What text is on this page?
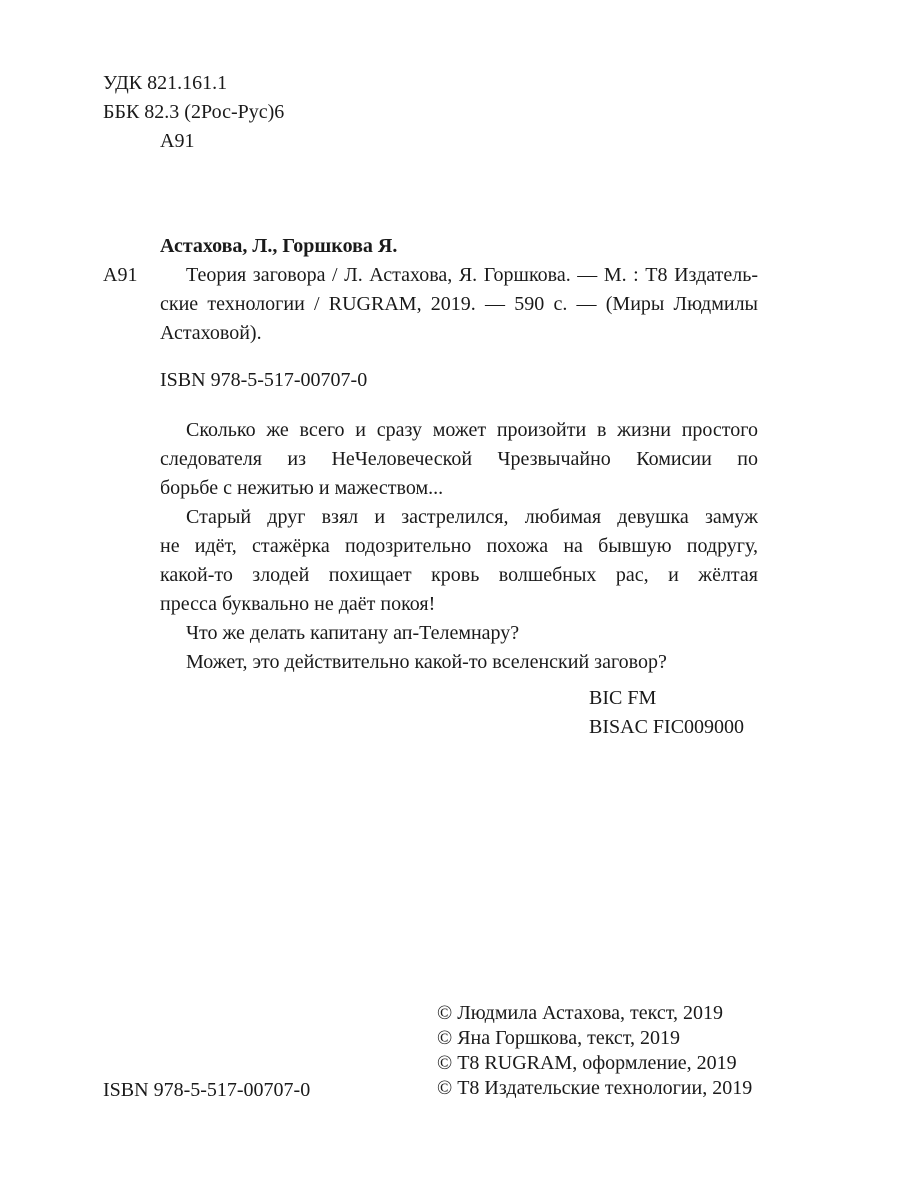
УДК 821.161.1
ББК 82.3 (2Рос-Рус)6
А91
Астахова, Л., Горшкова Я.
А91	Теория заговора / Л. Астахова, Я. Горшкова. — М. : Т8 Издатель-
ские технологии / RUGRAM, 2019. — 590 с. — (Миры Людмилы
Астаховой).
ISBN 978-5-517-00707-0
Сколько же всего и сразу может произойти в жизни простого
следователя из НеЧеловеческой Чрезвычайно Комисии по
борьбе с нежитью и мажеством...
Старый друг взял и застрелился, любимая девушка замуж
не идёт, стажёрка подозрительно похожа на бывшую подругу,
какой-то злодей похищает кровь волшебных рас, и жёлтая
пресса буквально не даёт покоя!
Что же делать капитану ап-Телемнару?
Может, это действительно какой-то вселенский заговор?
BIC FM
BISAC FIC009000
ISBN 978-5-517-00707-0
© Людмила Астахова, текст, 2019
© Яна Горшкова, текст, 2019
© Т8 RUGRAM, оформление, 2019
© Т8 Издательские технологии, 2019
